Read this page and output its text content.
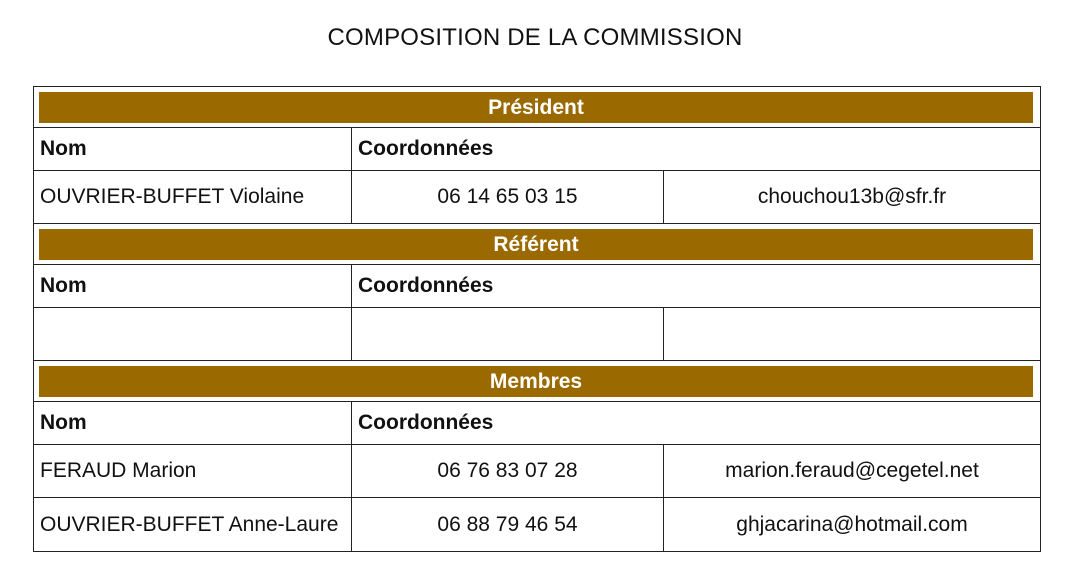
COMPOSITION DE LA COMMISSION
Président		

Nom	Coordonnées	
OUVRIER-BUFFET Violaine	06 14 65 03 15	chouchou13b@sfr.fr

Référent		

Nom	Coordonnées	

Membres		

Nom	Coordonnées	
FERAUD Marion	06 76 83 07 28	marion.feraud@cegetel.net
OUVRIER-BUFFET Anne-Laure	06 88 79 46 54	ghjacarina@hotmail.com
